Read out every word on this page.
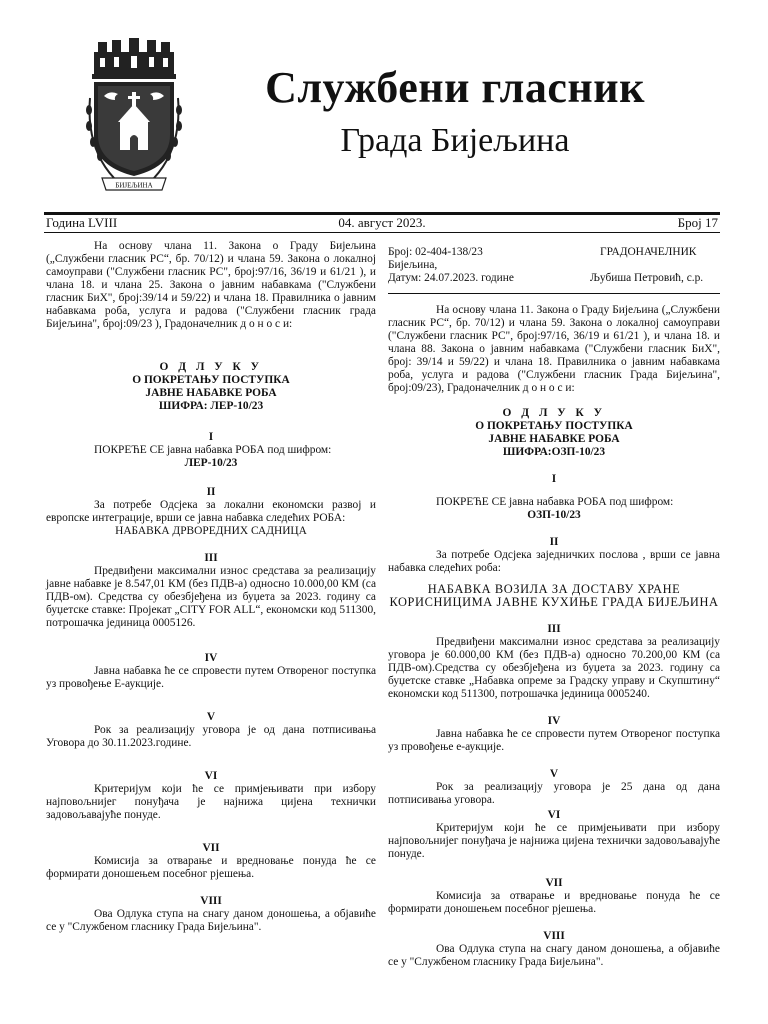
БИЈЕЉИНА
Службени гласник
Града Бијељина
04. август 2023.
Година LVIII	Број 17

На основу члана 11. Закона о Граду Бијељина („Службени гласник РС“, бр. 70/12) и члана 59. Закона о локалној самоуправи ("Службени гласник РС", број:97/16, 36/19 и 61/21 ), и члана 18. и члана 25. Закона о јавним набавкама ("Службени гласник БиХ", број:39/14 и 59/22) и члана 18. Правилника о јавним набавкама роба, услуга и радова ("Службени гласник града Бијељина", број:09/23 ), Градоначелник д о н о с и:

О Д Л У К У

О ПОКРЕТАЊУ ПОСТУПКА

ЈАВНЕ НАБАВКЕ РОБА

ШИФРА: ЛЕР-10/23

I

ПОКРЕЋЕ СЕ јавна набавка РОБА под шифром:

ЛЕР-10/23

II

За потребе Одсјека за локални економски развој и европске интеграције, врши се јавна набавка следећих РОБА:

НАБАВКА ДРВОРЕДНИХ САДНИЦА

III

Предвиђени максимални износ средстава за реализацију јавне набавке је 8.547,01 КМ (без ПДВ-а) односно 10.000,00 КМ (са ПДВ-ом). Средства су обезбјеђена из буџета за 2023. годину са буџетске ставке: Пројекат „CITY FOR ALL“, економски код 511300, потрошачка јединица 0005126.

IV

Јавна набавка ће се спровести путем Отвореног поступка уз провођење Е-аукције.

V

Рок за реализацију уговора је од дана потписивања Уговора до 30.11.2023.године.

VI

Критеријум који ће се примјењивати при избору најповољнијег понуђача је најнижа цијена технички задовољавајуће понуде.

VII

Комисија за отварање и вредновање понуда ће се формирати доношењем посебног рјешења.

VIII

Ова Одлука ступа на снагу даном доношења, а објавиће се у "Службеном гласнику Града Бијељина".

Број: 02-404-138/23	ГРАДОНАЧЕЛНИК
Бијељина,
Датум: 24.07.2023. године	Љубиша Петровић, с.р.

На основу члана 11. Закона о Граду Бијељина („Службени гласник РС“, бр. 70/12) и члана 59. Закона о локалној самоуправи ("Службени гласник РС", број:97/16, 36/19 и 61/21 ), и члана 18. и члана 88. Закона о јавним набавкама ("Службени гласник БиХ", број: 39/14 и 59/22) и члана 18. Правилника о јавним набавкама роба, услуга и радова ("Службени гласник Града Бијељина", број:09/23), Градоначелник д о н о с и:

О Д Л У К У

О ПОКРЕТАЊУ ПОСТУПКА

ЈАВНЕ НАБАВКЕ РОБА

ШИФРА:ОЗП-10/23

I

ПОКРЕЋЕ СЕ јавна набавка РОБА под шифром:

ОЗП-10/23

II

За потребе Одсјека заједничких послова , врши се јавна набавка следећих роба:

НАБАВКА ВОЗИЛА ЗА ДОСТАВУ ХРАНЕ КОРИСНИЦИМА ЈАВНЕ КУХИЊЕ ГРАДА БИЈЕЉИНА

III

Предвиђени максимални износ средстава за реализацију уговора је 60.000,00 КМ (без ПДВ-а) односно 70.200,00 КМ (са ПДВ-ом).Средства су обезбјеђена из буџета за 2023. годину са буџетске ставке „Набавка опреме за Градску управу и Скупштину“ економски код 511300, потрошачка јединица 0005240.

IV

Јавна набавка ће се спровести путем Отвореног поступка уз провођење е-аукције.

V

Рок за реализацију уговора је 25 дана од дана потписивања уговора.

VI

Критеријум који ће се примјењивати при избору најповољнијег понуђача је најнижа цијена технички задовољавајуће понуде.

VII

Комисија за отварање и вредновање понуда ће се формирати доношењем посебног рјешења.

VIII

Ова Одлука ступа на снагу даном доношења, а објавиће се у "Службеном гласнику Града Бијељина".
